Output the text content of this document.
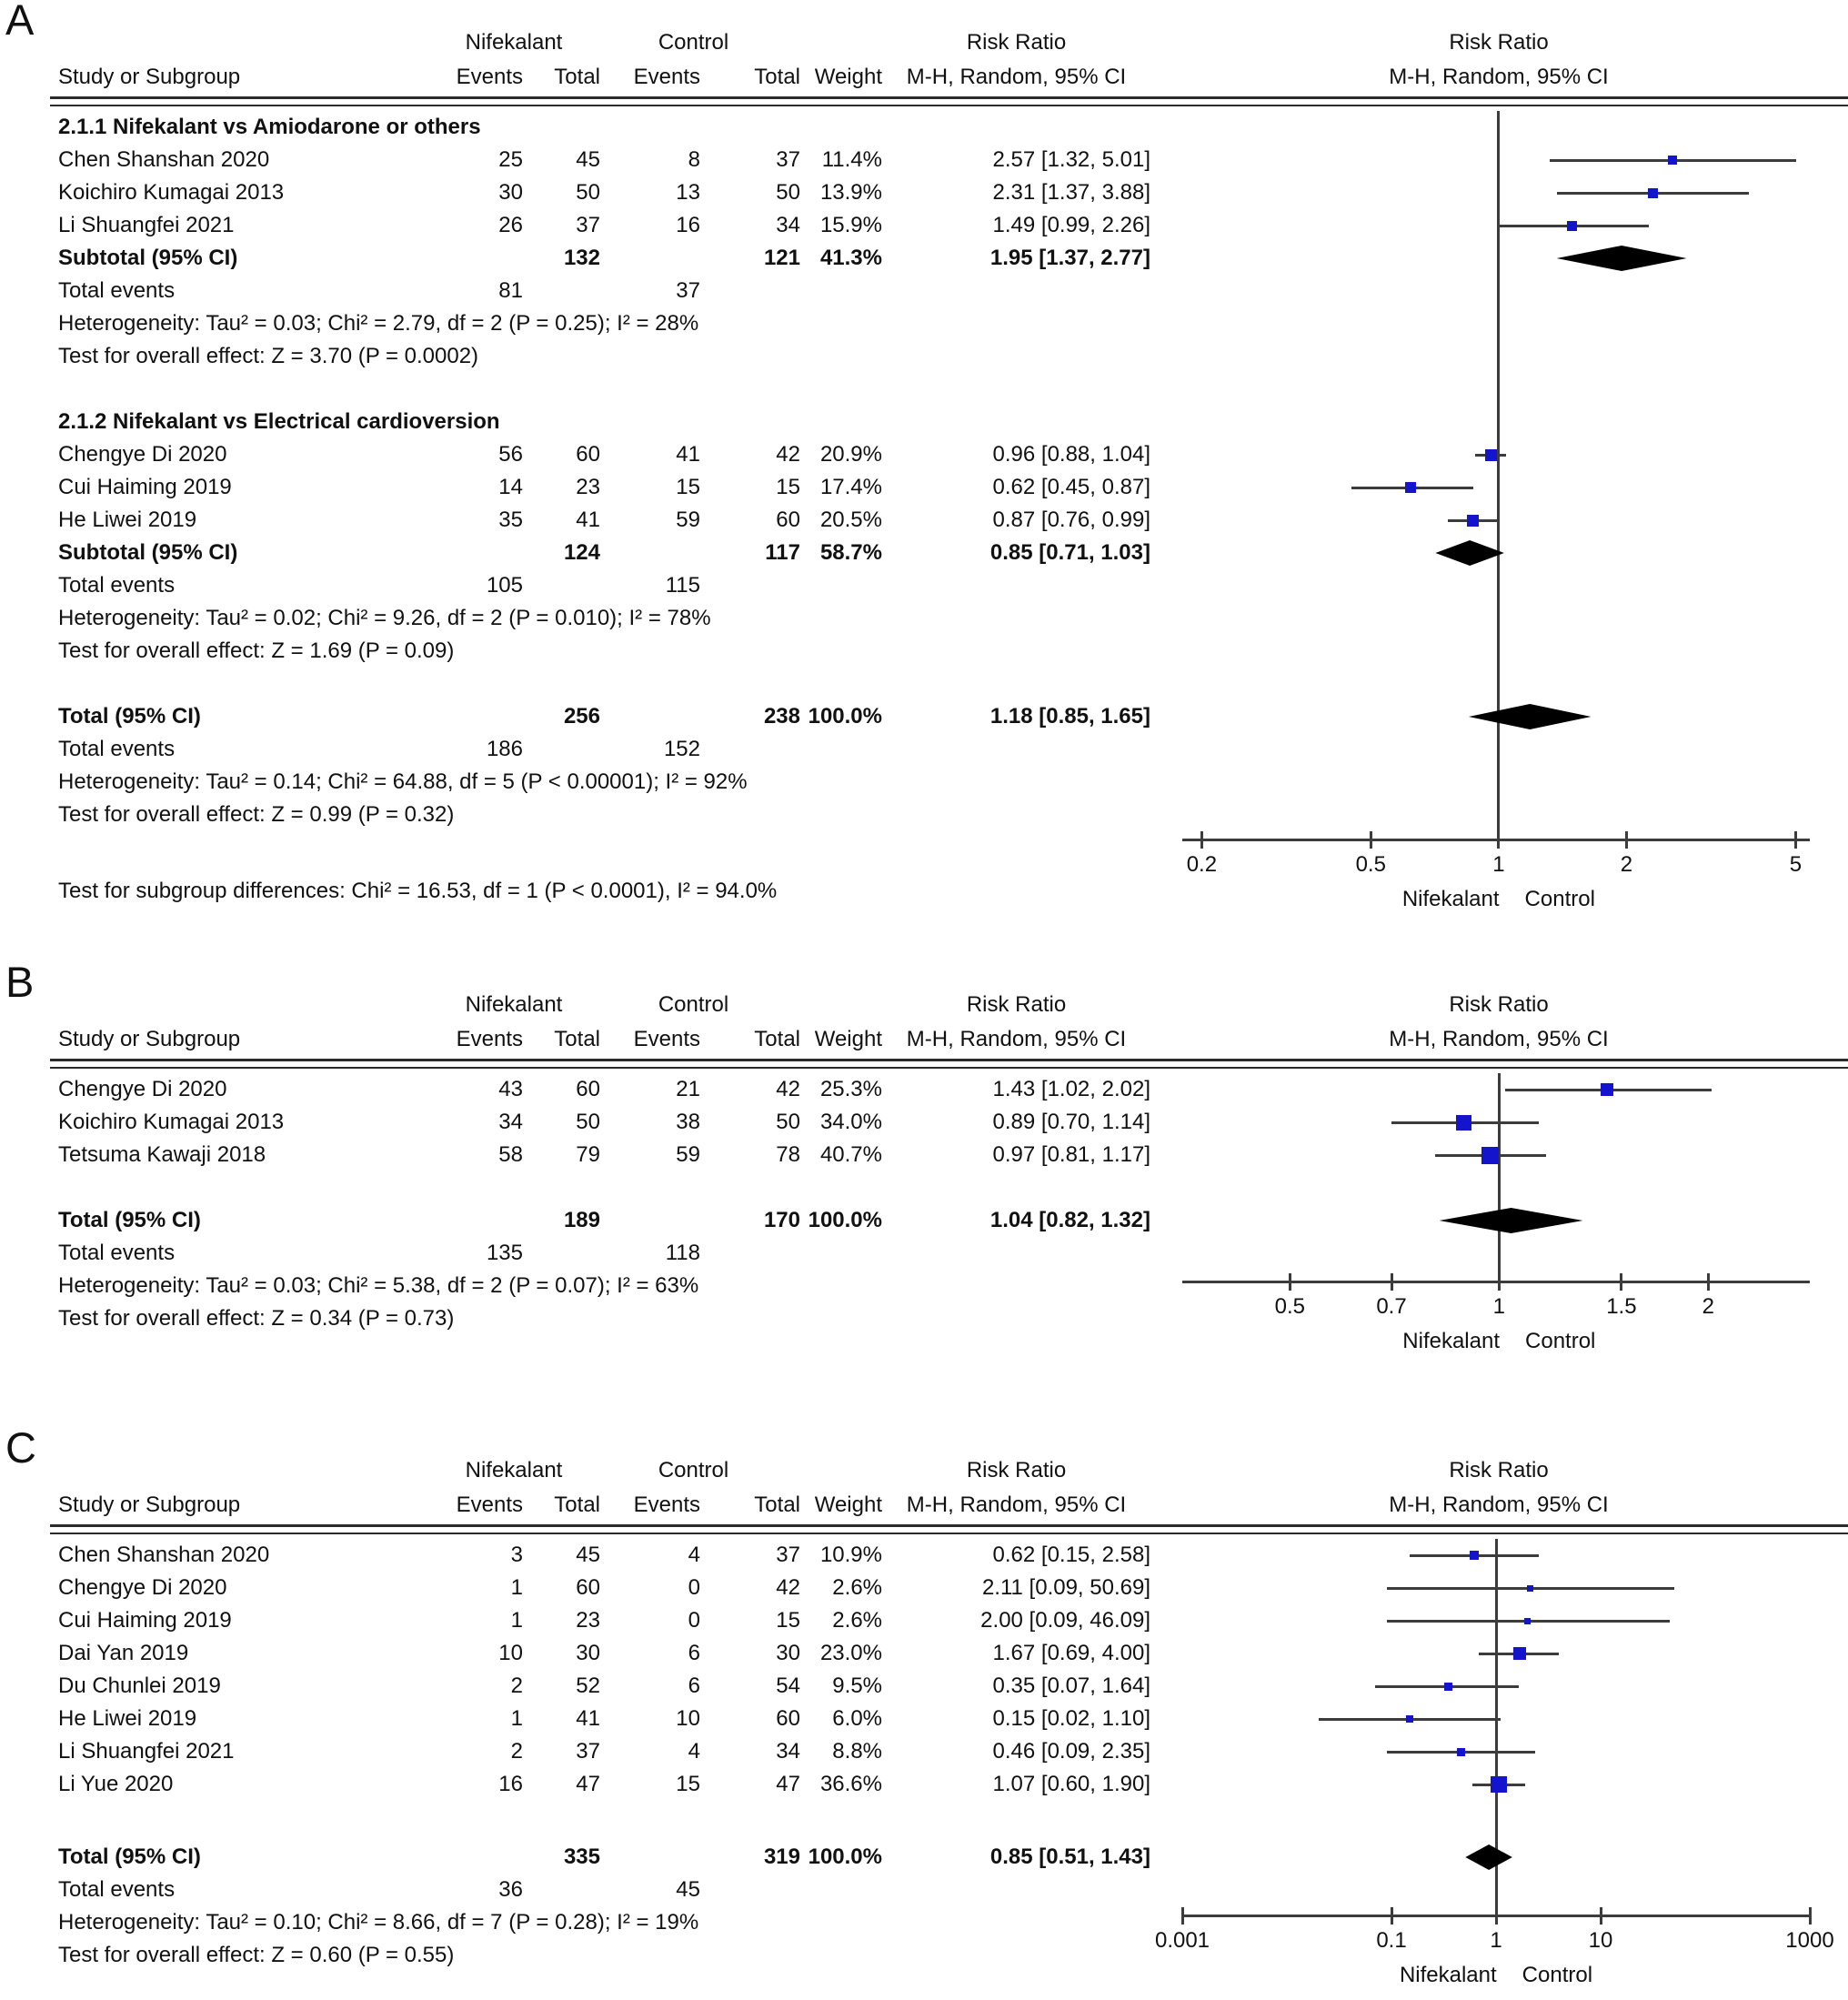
A	Nifekalant	Control	Risk Ratio	Risk Ratio
Study or Subgroup	Events	Total	Events	Total Weight	M-H, Random, 95% CI	M-H, Random, 95% CI
2.1.1 Nifekalant vs Amiodarone or others
Chen Shanshan 2020	25	45	8	37 11.4%	2.57 [1.32, 5.01]
Koichiro Kumagai 2013	30	50	13	50 13.9%	2.31 [1.37, 3.88]
Li Shuangfei 2021	26	37	16	34 15.9%	1.49 [0.99, 2.26]
Subtotal (95% CI)	132	121 41.3%	1.95 [1.37, 2.77]
Total events	81	37
Heterogeneity: Tau² = 0.03; Chi² = 2.79, df = 2 (P = 0.25); I² = 28%
Test for overall effect: Z = 3.70 (P = 0.0002)
2.1.2 Nifekalant vs Electrical cardioversion
Chengye Di 2020	56	60	41	42 20.9%	0.96 [0.88, 1.04]
Cui Haiming 2019	14	23	15	15 17.4%	0.62 [0.45, 0.87]
He Liwei 2019	35	41	59	60 20.5%	0.87 [0.76, 0.99]
Subtotal (95% CI)	124	117 58.7%	0.85 [0.71, 1.03]
Total events	105	115
Heterogeneity: Tau² = 0.02; Chi² = 9.26, df = 2 (P = 0.010); I² = 78%
Test for overall effect: Z = 1.69 (P = 0.09)
Total (95% CI)	256	238 100.0%	1.18 [0.85, 1.65]
Total events	186	152
Heterogeneity: Tau² = 0.14; Chi² = 64.88, df = 5 (P < 0.00001); I² = 92%
Test for overall effect: Z = 0.99 (P = 0.32)
Test for subgroup differences: Chi² = 16.53, df = 1 (P < 0.0001), I² = 94.0%
0.2	0.5	1	2	5
Nifekalant Control
B	Nifekalant	Control	Risk Ratio	Risk Ratio
Study or Subgroup	Events	Total	Events	Total Weight	M-H, Random, 95% CI	M-H, Random, 95% CI
Chengye Di 2020	43	60	21	42 25.3%	1.43 [1.02, 2.02]
Koichiro Kumagai 2013	34	50	38	50 34.0%	0.89 [0.70, 1.14]
Tetsuma Kawaji 2018	58	79	59	78 40.7%	0.97 [0.81, 1.17]
Total (95% CI)	189	170 100.0%	1.04 [0.82, 1.32]
Total events	135	118
Heterogeneity: Tau² = 0.03; Chi² = 5.38, df = 2 (P = 0.07); I² = 63%
Test for overall effect: Z = 0.34 (P = 0.73)	0.5	0.7	1	1.5	2
Nifekalant Control
C	Nifekalant	Control	Risk Ratio	Risk Ratio
Study or Subgroup	Events	Total	Events	Total Weight	M-H, Random, 95% CI	M-H, Random, 95% CI
Chen Shanshan 2020	3	45	4	37 10.9%	0.62 [0.15, 2.58]
Chengye Di 2020	1	60	0	42	2.6%	2.11 [0.09, 50.69]
Cui Haiming 2019	1	23	0	15	2.6%	2.00 [0.09, 46.09]
Dai Yan 2019	10	30	6	30 23.0%	1.67 [0.69, 4.00]
Du Chunlei 2019	2	52	6	54	9.5%	0.35 [0.07, 1.64]
He Liwei 2019	1	41	10	60	6.0%	0.15 [0.02, 1.10]
Li Shuangfei 2021	2	37	4	34	8.8%	0.46 [0.09, 2.35]
Li Yue 2020	16	47	15	47 36.6%	1.07 [0.60, 1.90]
Total (95% CI)	335	319 100.0%	0.85 [0.51, 1.43]
Total events	36	45
Heterogeneity: Tau² = 0.10; Chi² = 8.66, df = 7 (P = 0.28); I² = 19%
Test for overall effect: Z = 0.60 (P = 0.55)
0.001	0.1	1	10	1000
Nifekalant Control
